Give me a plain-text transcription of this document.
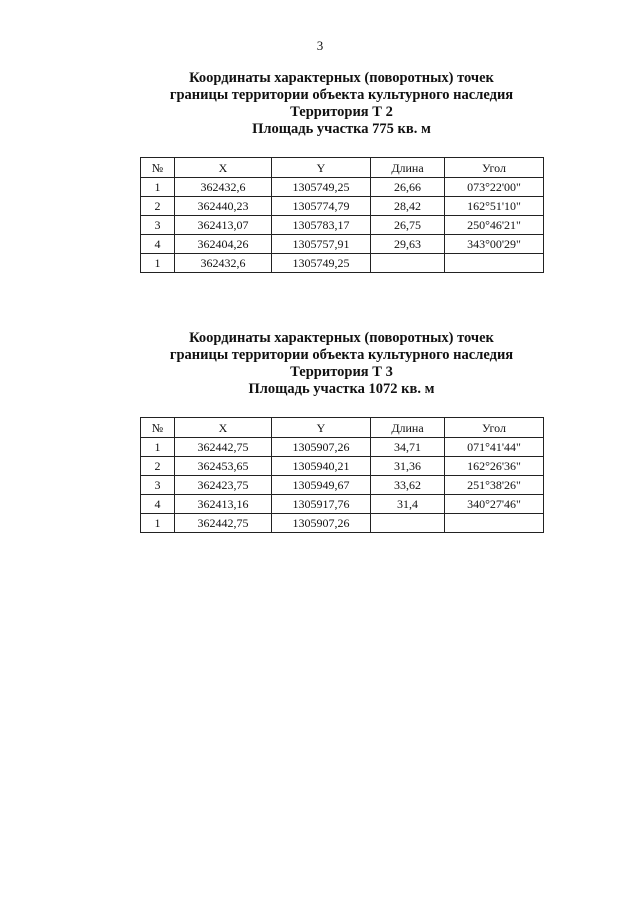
3
Координаты характерных (поворотных) точек
границы территории объекта культурного наследия
Территория Т 2
Площадь участка 775 кв. м
№	X	Y	Длина	Угол
1	362432,6	1305749,25	26,66	073°22'00"
2	362440,23	1305774,79	28,42	162°51'10"
3	362413,07	1305783,17	26,75	250°46'21"
4	362404,26	1305757,91	29,63	343°00'29"
1	362432,6	1305749,25		
Координаты характерных (поворотных) точек
границы территории объекта культурного наследия
Территория Т 3
Площадь участка 1072 кв. м
№	X	Y	Длина	Угол
1	362442,75	1305907,26	34,71	071°41'44"
2	362453,65	1305940,21	31,36	162°26'36"
3	362423,75	1305949,67	33,62	251°38'26"
4	362413,16	1305917,76	31,4	340°27'46"
1	362442,75	1305907,26		
